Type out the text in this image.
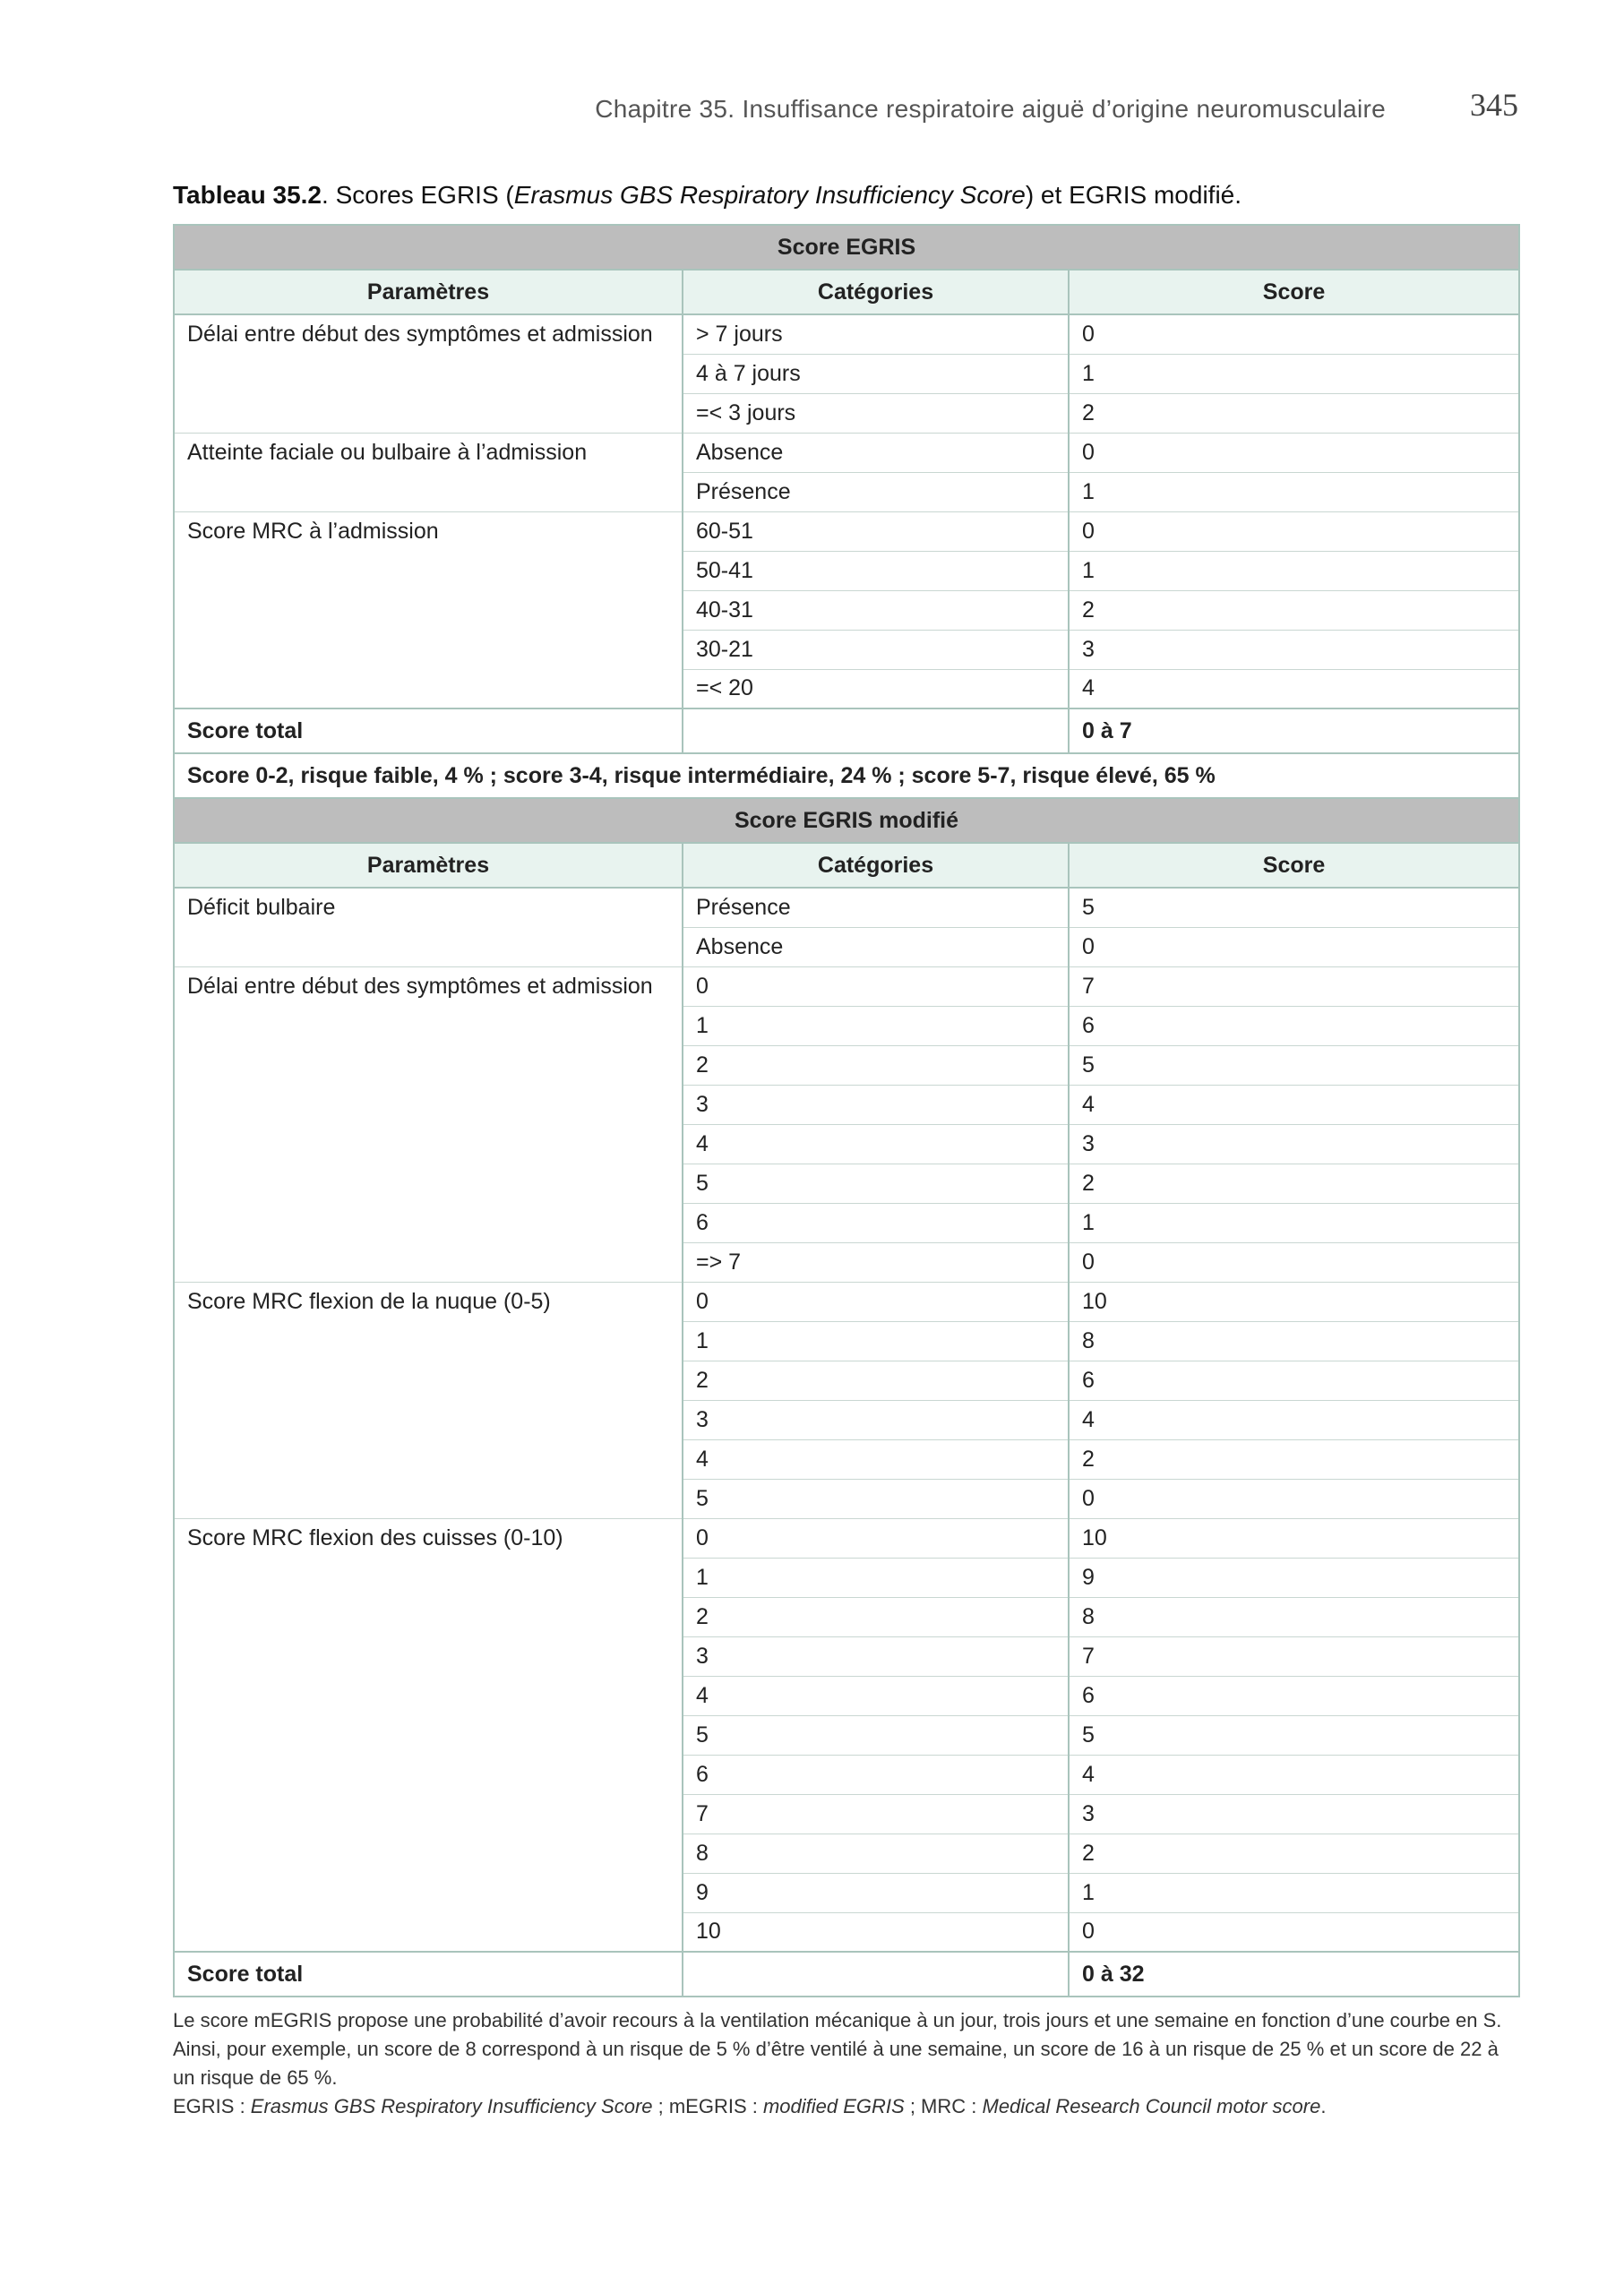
Chapitre 35. Insuffisance respiratoire aiguë d’origine neuromusculaire	345
Tableau 35.2. Scores EGRIS (Erasmus GBS Respiratory Insufficiency Score) et EGRIS modifié.
Score EGRIS		
Paramètres	Catégories	Score
Délai entre début des symptômes et admission	> 7 jours	0
	4 à 7 jours	1
	=< 3 jours	2
Atteinte faciale ou bulbaire à l’admission	Absence	0
	Présence	1
Score MRC à l’admission	60-51	0
	50-41	1
	40-31	2
	30-21	3
	=< 20	4
Score total		0 à 7
Score 0-2, risque faible, 4 % ; score 3-4, risque intermédiaire, 24 % ; score 5-7, risque élevé, 65 %		
Score EGRIS modifié		
Paramètres	Catégories	Score
Déficit bulbaire	Présence	5
	Absence	0
Délai entre début des symptômes et admission	0	7
	1	6
	2	5
	3	4
	4	3
	5	2
	6	1
	=> 7	0
Score MRC flexion de la nuque (0-5)	0	10
	1	8
	2	6
	3	4
	4	2
	5	0
Score MRC flexion des cuisses (0-10)	0	10
	1	9
	2	8
	3	7
	4	6
	5	5
	6	4
	7	3
	8	2
	9	1
	10	0
Score total		0 à 32

Le score mEGRIS propose une probabilité d’avoir recours à la ventilation mécanique à un jour, trois jours et une semaine en fonction d’une courbe en S. Ainsi, pour exemple, un score de 8 correspond à un risque de 5 % d’être ventilé à une semaine, un score de 16 à un risque de 25 % et un score de 22 à un risque de 65 %.

EGRIS : Erasmus GBS Respiratory Insufficiency Score ; mEGRIS : modified EGRIS ; MRC : Medical Research Council motor score.
